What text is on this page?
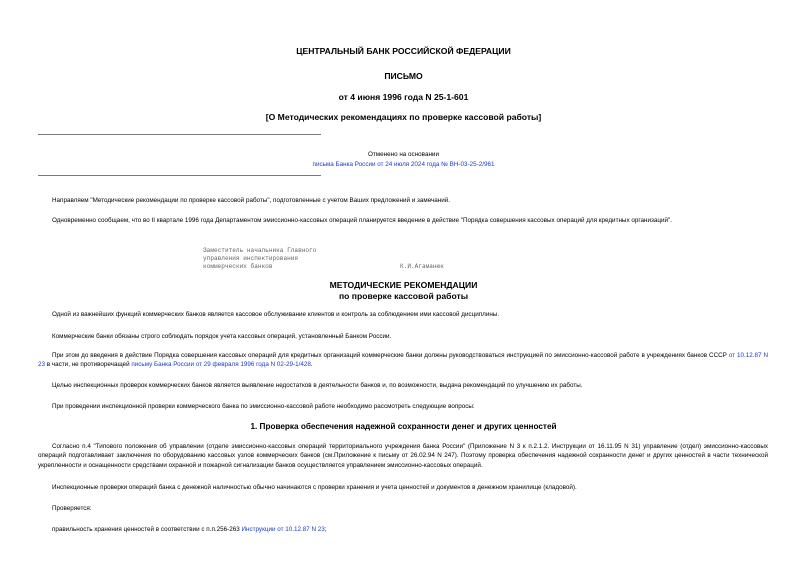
ЦЕНТРАЛЬНЫЙ БАНК РОССИЙСКОЙ ФЕДЕРАЦИИ
ПИСЬМО
от 4 июня 1996 года N 25-1-601
[О Методических рекомендациях по проверке кассовой работы]
Отменено на основании
письма Банка России от 24 июля 2024 года № ВН-03-25-2/961
Направляем "Методические рекомендации по проверке кассовой работы", подготовленные с учетом Ваших предложений и замечаний.
Одновременно сообщаем, что во II квартале 1996 года Департаментом эмиссионно-кассовых операций планируется введение в действие "Порядка совершения кассовых операций для кредитных организаций".
Заместитель начальника Главного
управления инспектирования
коммерческих банков	К.И.Агаманюк
МЕТОДИЧЕСКИЕ РЕКОМЕНДАЦИИ
по проверке кассовой работы
Одной из важнейших функций коммерческих банков является кассовое обслуживание клиентов и контроль за соблюдением ими кассовой дисциплины.
Коммерческие банки обязаны строго соблюдать порядок учета кассовых операций, установленный Банком России.
При этом до введения в действие Порядка совершения кассовых операций для кредитных организаций коммерческие банки должны руководствоваться инструкцией по эмиссионно-кассовой работе в учреждениях банков СССР от 10.12.87 N 23 в части, не противоречащей письму Банка России от 29 февраля 1996 года N 02-29-1/428.
Целью инспекционных проверок коммерческих банков является выявление недостатков в деятельности банков и, по возможности, выдача рекомендаций по улучшению их работы.
При проведении инспекционной проверки коммерческого банка по эмиссионно-кассовой работе необходимо рассмотреть следующие вопросы:
1. Проверка обеспечения надежной сохранности денег и других ценностей
Согласно п.4 "Типового положения об управлении (отделе эмиссионно-кассовых операций территориального учреждения банка России" (Приложение N 3 к п.2.1.2. Инструкции от 16.11.95 N 31) управление (отдел) эмиссионно-кассовых операций подготавливает заключения по оборудованию кассовых узлов коммерческих банков (см.Приложение к письму от 26.02.94 N 247). Поэтому проверка обеспечения надежной сохранности денег и других ценностей в части технической укрепленности и оснащенности средствами охранной и пожарной сигнализации банков осуществляется управлением эмиссионно-кассовых операций.
Инспекционные проверки операций банка с денежной наличностью обычно начинаются с проверки хранения и учета ценностей и документов в денежном хранилище (кладовой).
Проверяется:
правильность хранения ценностей в соответствии с п.п.256-263 Инструкции от 10.12.87 N 23;
